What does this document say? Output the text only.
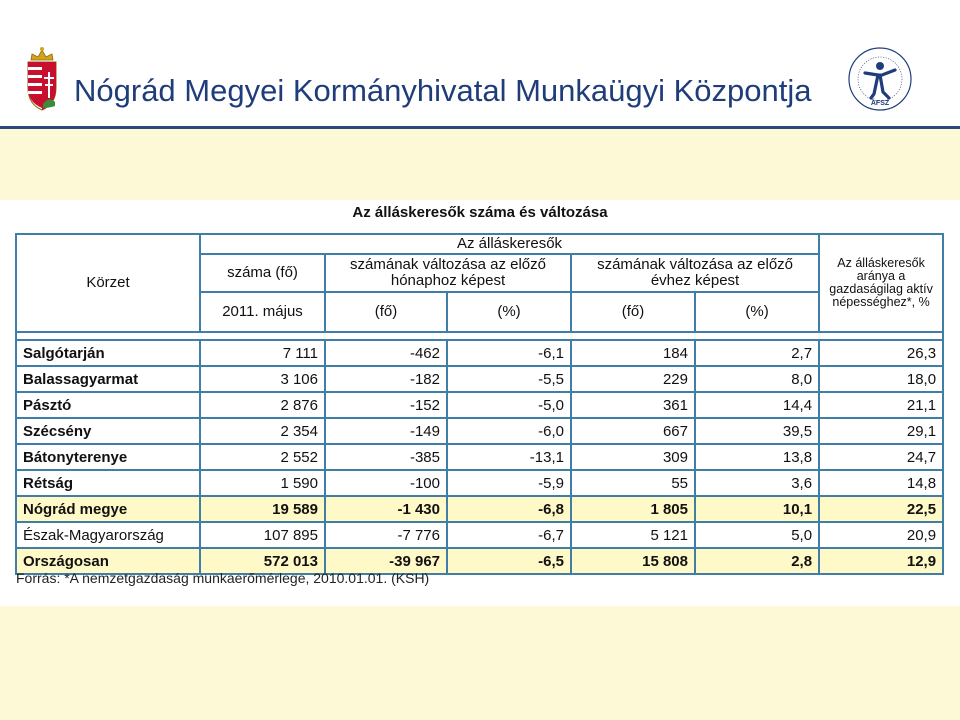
Nógrád Megyei Kormányhivatal Munkaügyi Központja	ÁFSZ
Az álláskeresők száma és változása
Körzet	Az álláskeresők					Az álláskeresők aránya a gazdaságilag aktív népességhez*, %
	száma (fő)	számának változása az előző hónaphoz képest		számának változása az előző évhez képest		
	2011. május	(fő)	(%)	(fő)	(%)	

Salgótarján	7 111	-462	-6,1	184	2,7	26,3
Balassagyarmat	3 106	-182	-5,5	229	8,0	18,0
Pásztó	2 876	-152	-5,0	361	14,4	21,1
Szécsény	2 354	-149	-6,0	667	39,5	29,1
Bátonyterenye	2 552	-385	-13,1	309	13,8	24,7
Rétság	1 590	-100	-5,9	55	3,6	14,8
Nógrád megye	19 589	-1 430	-6,8	1 805	10,1	22,5
Észak-Magyarország	107 895	-7 776	-6,7	5 121	5,0	20,9
Országosan	572 013	-39 967	-6,5	15 808	2,8	12,9
Forrás: *A nemzetgazdaság munkaerőmérlege, 2010.01.01. (KSH)
